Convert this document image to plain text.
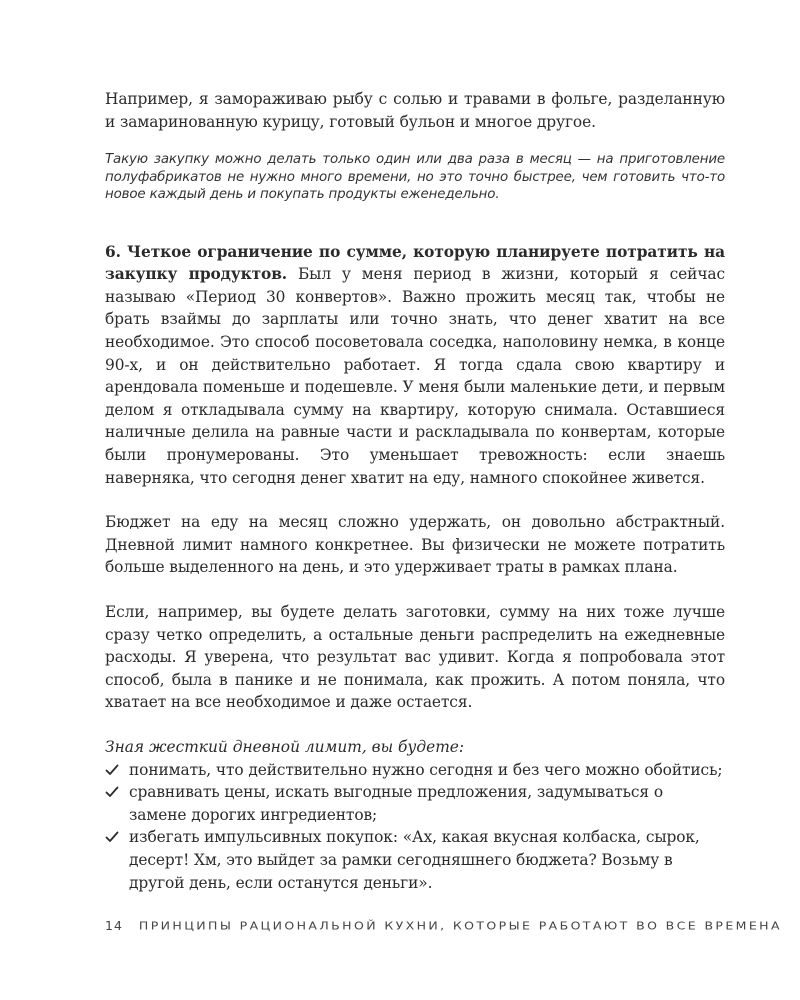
Например, я замораживаю рыбу с солью и травами в фольге, разделанную и замаринованную курицу, готовый бульон и многое другое.

Такую закупку можно делать только один или два раза в месяц — на приготовление полуфабрикатов не нужно много времени, но это точно быстрее, чем готовить что-то новое каждый день и покупать продукты еженедельно.

6. Четкое ограничение по сумме, которую планируете потратить на закупку продуктов. Был у меня период в жизни, который я сейчас называю «Период 30 конвертов». Важно прожить месяц так, чтобы не брать взаймы до зарплаты или точно знать, что денег хватит на все необходимое. Это способ посоветовала соседка, наполовину немка, в конце 90-х, и он действительно работает. Я тогда сдала свою квартиру и арендовала поменьше и подешевле. У меня были маленькие дети, и первым делом я откладывала сумму на квартиру, которую снимала. Оставшиеся наличные делила на равные части и раскладывала по конвертам, которые были пронумерованы. Это уменьшает тревожность: если знаешь наверняка, что сегодня денег хватит на еду, намного спокойнее живется.

Бюджет на еду на месяц сложно удержать, он довольно абстрактный. Дневной лимит намного конкретнее. Вы физически не можете потратить больше выделенного на день, и это удерживает траты в рамках плана.

Если, например, вы будете делать заготовки, сумму на них тоже лучше сразу четко определить, а остальные деньги распределить на ежедневные расходы. Я уверена, что результат вас удивит. Когда я попробовала этот способ, была в панике и не понимала, как прожить. А потом поняла, что хватает на все необходимое и даже остается.

Зная жесткий дневной лимит, вы будете:

понимать, что действительно нужно сегодня и без чего можно обойтись;
сравнивать цены, искать выгодные предложения, задумываться о замене дорогих ингредиентов;
избегать импульсивных покупок: «Ах, какая вкусная колбаска, сырок, десерт! Хм, это выйдет за рамки сегодняшнего бюджета? Возьму в другой день, если останутся деньги».
14 ПРИНЦИПЫ РАЦИОНАЛЬНОЙ КУХНИ, КОТОРЫЕ РАБОТАЮТ ВО ВСЕ ВРЕМЕНА
